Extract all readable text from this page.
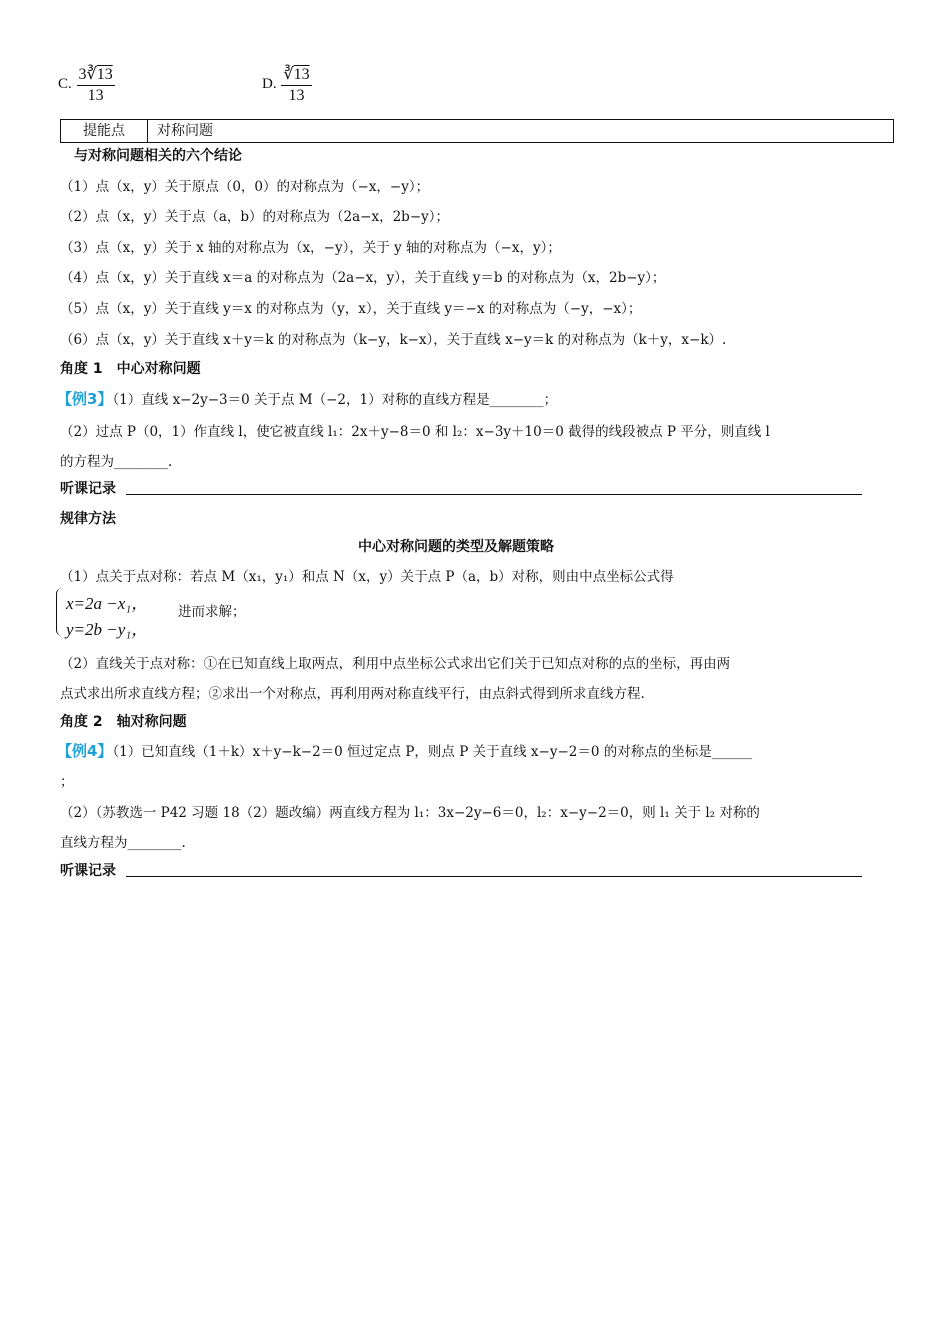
C. $\frac{3∛13}{13}$	D. $\frac{∛13}{13}$
提能点	对称问题
与对称问题相关的六个结论
（1）点（x，y）关于原点（0，0）的对称点为（−x，−y）；
（2）点（x，y）关于点（a，b）的对称点为（2a−x，2b−y）；
（3）点（x，y）关于 x 轴的对称点为（x，−y），关于 y 轴的对称点为（−x，y）；
（4）点（x，y）关于直线 x＝a 的对称点为（2a−x，y），关于直线 y＝b 的对称点为（x，2b−y）；
（5）点（x，y）关于直线 y＝x 的对称点为（y，x），关于直线 y＝−x 的对称点为（−y，−x）；
（6）点（x，y）关于直线 x＋y＝k 的对称点为（k−y，k−x），关于直线 x−y＝k 的对称点为（k＋y，x−k）.
角度 1　中心对称问题
【例3】（1）直线 x−2y−3＝0 关于点 M（−2，1）对称的直线方程是________；
（2）过点 P（0，1）作直线 l，使它被直线 l₁：2x＋y−8＝0 和 l₂：x−3y＋10＝0 截得的线段被点 P 平分，则直线 l
的方程为________.
听课记录
规律方法
中心对称问题的类型及解题策略
（1）点关于点对称：若点 M（x₁，y₁）和点 N（x，y）关于点 P（a，b）对称，则由中点坐标公式得
x=2a −x₁，
y=2b −y₁，
进而求解；
（2）直线关于点对称：①在已知直线上取两点，利用中点坐标公式求出它们关于已知点对称的点的坐标，再由两
点式求出所求直线方程；②求出一个对称点，再利用两对称直线平行，由点斜式得到所求直线方程.
角度 2　轴对称问题
【例4】（1）已知直线（1＋k）x＋y−k−2＝0 恒过定点 P，则点 P 关于直线 x−y−2＝0 的对称点的坐标是______
；
（2）（苏教选一 P42 习题 18（2）题改编）两直线方程为 l₁：3x−2y−6＝0，l₂：x−y−2＝0，则 l₁ 关于 l₂ 对称的
直线方程为________.
听课记录
